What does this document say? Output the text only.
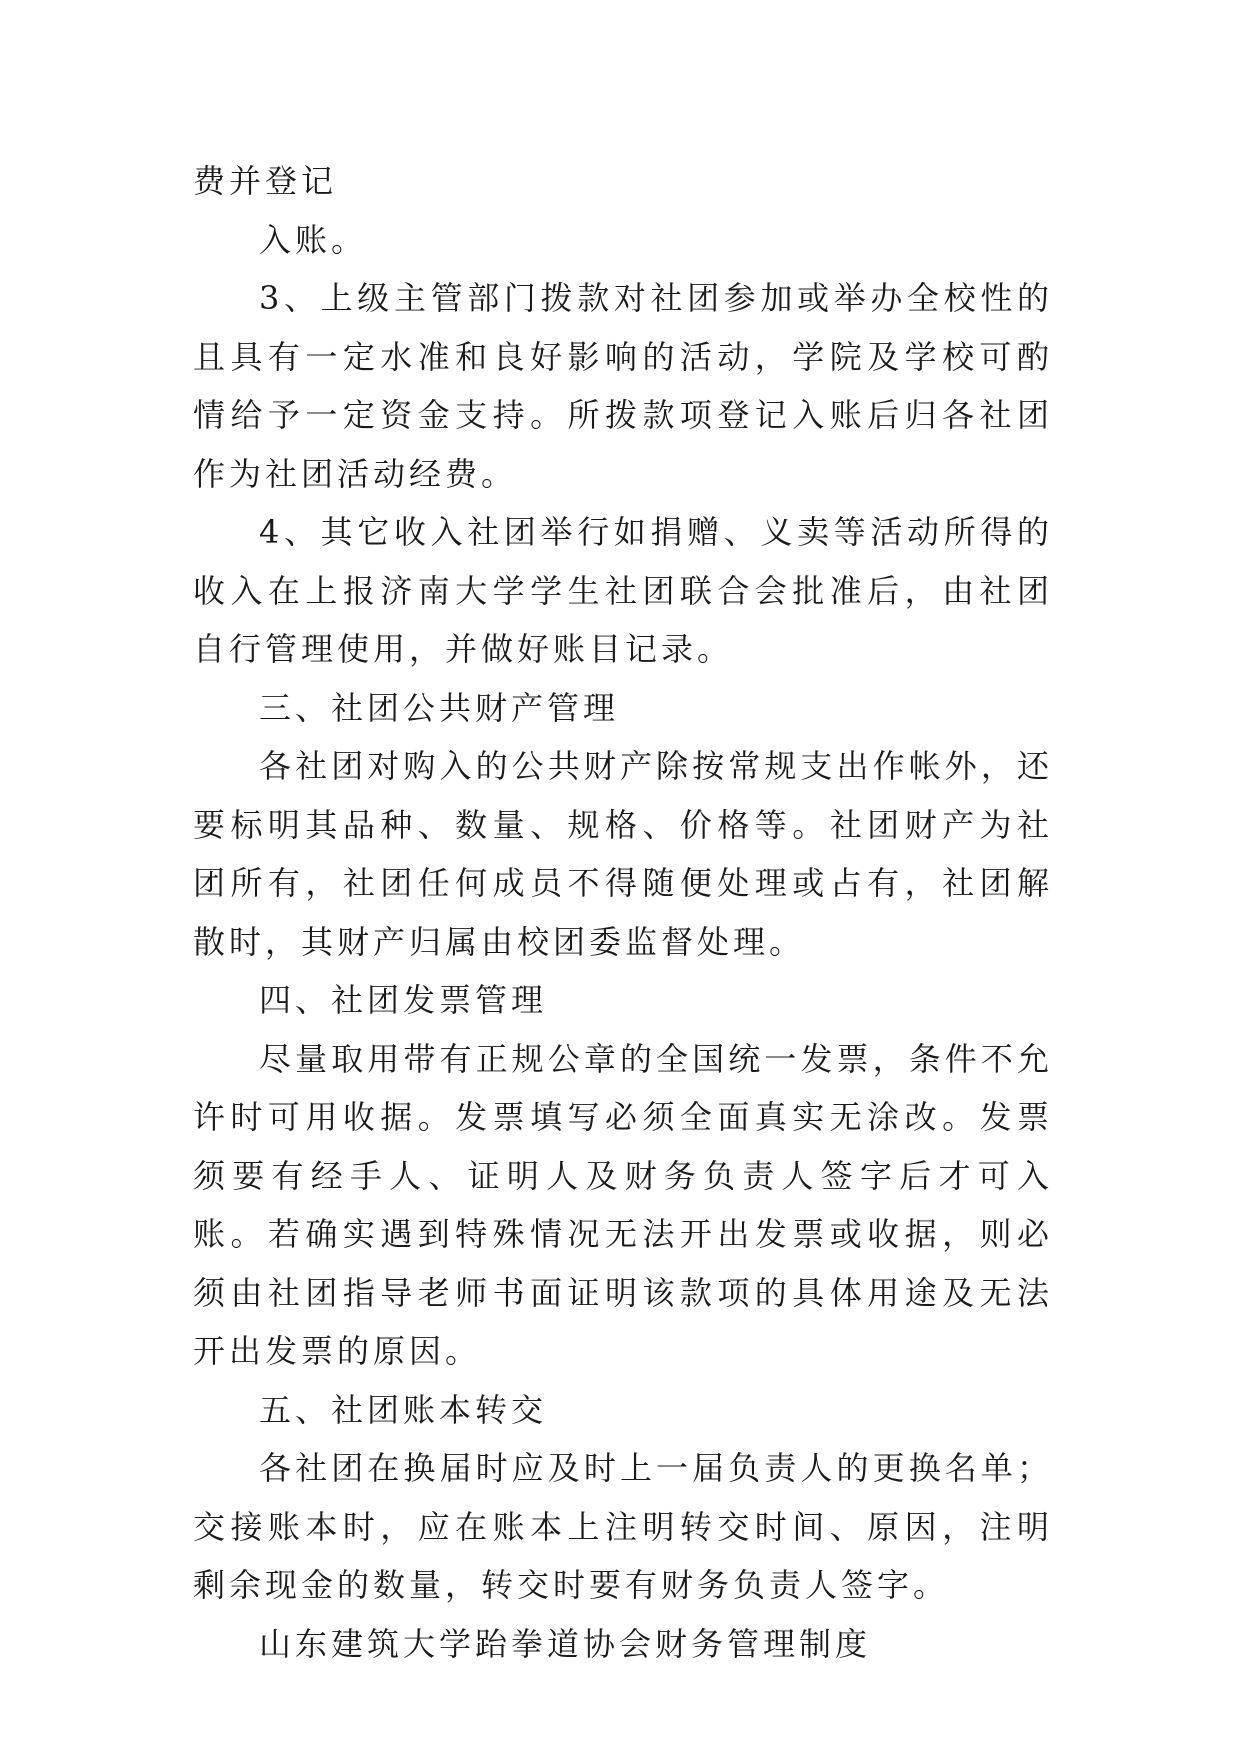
费并登记

入账。

3、上级主管部门拨款对社团参加或举办全校性的且具有一定水准和良好影响的活动，学院及学校可酌情给予一定资金支持。所拨款项登记入账后归各社团作为社团活动经费。

4、其它收入社团举行如捐赠、义卖等活动所得的收入在上报济南大学学生社团联合会批准后，由社团自行管理使用，并做好账目记录。

三、社团公共财产管理

各社团对购入的公共财产除按常规支出作帐外，还要标明其品种、数量、规格、价格等。社团财产为社团所有，社团任何成员不得随便处理或占有，社团解散时，其财产归属由校团委监督处理。

四、社团发票管理

尽量取用带有正规公章的全国统一发票，条件不允许时可用收据。发票填写必须全面真实无涂改。发票须要有经手人、证明人及财务负责人签字后才可入账。若确实遇到特殊情况无法开出发票或收据，则必须由社团指导老师书面证明该款项的具体用途及无法开出发票的原因。

五、社团账本转交

各社团在换届时应及时上一届负责人的更换名单；交接账本时，应在账本上注明转交时间、原因，注明剩余现金的数量，转交时要有财务负责人签字。

山东建筑大学跆拳道协会财务管理制度
